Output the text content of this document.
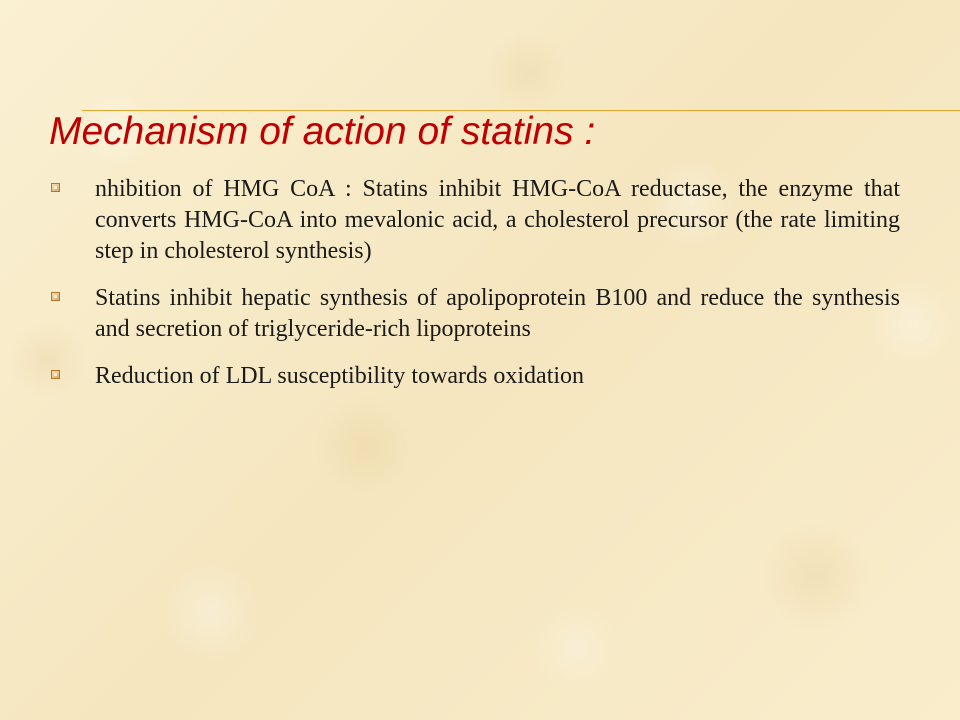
Mechanism of action of statins :
nhibition of HMG CoA : Statins inhibit HMG-CoA reductase, the enzyme that converts HMG-CoA into mevalonic acid, a cholesterol precursor (the rate limiting step in cholesterol synthesis)
Statins inhibit hepatic synthesis of apolipoprotein B100 and reduce the synthesis and secretion of triglyceride-rich lipoproteins
Reduction of LDL susceptibility towards oxidation
